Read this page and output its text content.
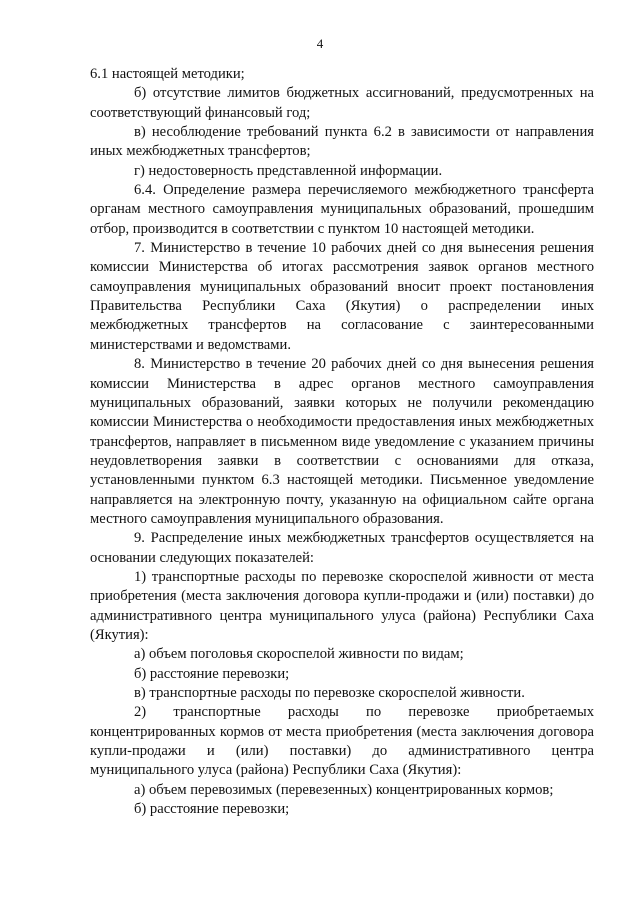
4

6.1 настоящей методики;

б) отсутствие лимитов бюджетных ассигнований, предусмотренных на соответствующий финансовый год;

в) несоблюдение требований пункта 6.2 в зависимости от направления иных межбюджетных трансфертов;

г) недостоверность представленной информации.

6.4. Определение размера перечисляемого межбюджетного трансферта органам местного самоуправления муниципальных образований, прошедшим отбор, производится в соответствии с пунктом 10 настоящей методики.

7. Министерство в течение 10 рабочих дней со дня вынесения решения комиссии Министерства об итогах рассмотрения заявок органов местного самоуправления муниципальных образований вносит проект постановления Правительства Республики Саха (Якутия) о распределении иных межбюджетных трансфертов на согласование с заинтересованными министерствами и ведомствами.

8. Министерство в течение 20 рабочих дней со дня вынесения решения комиссии Министерства в адрес органов местного самоуправления муниципальных образований, заявки которых не получили рекомендацию комиссии Министерства о необходимости предоставления иных межбюджетных трансфертов, направляет в письменном виде уведомление с указанием причины неудовлетворения заявки в соответствии с основаниями для отказа, установленными пунктом 6.3 настоящей методики. Письменное уведомление направляется на электронную почту, указанную на официальном сайте органа местного самоуправления муниципального образования.

9. Распределение иных межбюджетных трансфертов осуществляется на основании следующих показателей:

1) транспортные расходы по перевозке скороспелой живности от места приобретения (места заключения договора купли-продажи и (или) поставки) до административного центра муниципального улуса (района) Республики Саха (Якутия):

а) объем поголовья скороспелой живности по видам;

б) расстояние перевозки;

в) транспортные расходы по перевозке скороспелой живности.

2) транспортные расходы по перевозке приобретаемых концентрированных кормов от места приобретения (места заключения договора купли-продажи и (или) поставки) до административного центра муниципального улуса (района) Республики Саха (Якутия):

а) объем перевозимых (перевезенных) концентрированных кормов;

б) расстояние перевозки;
